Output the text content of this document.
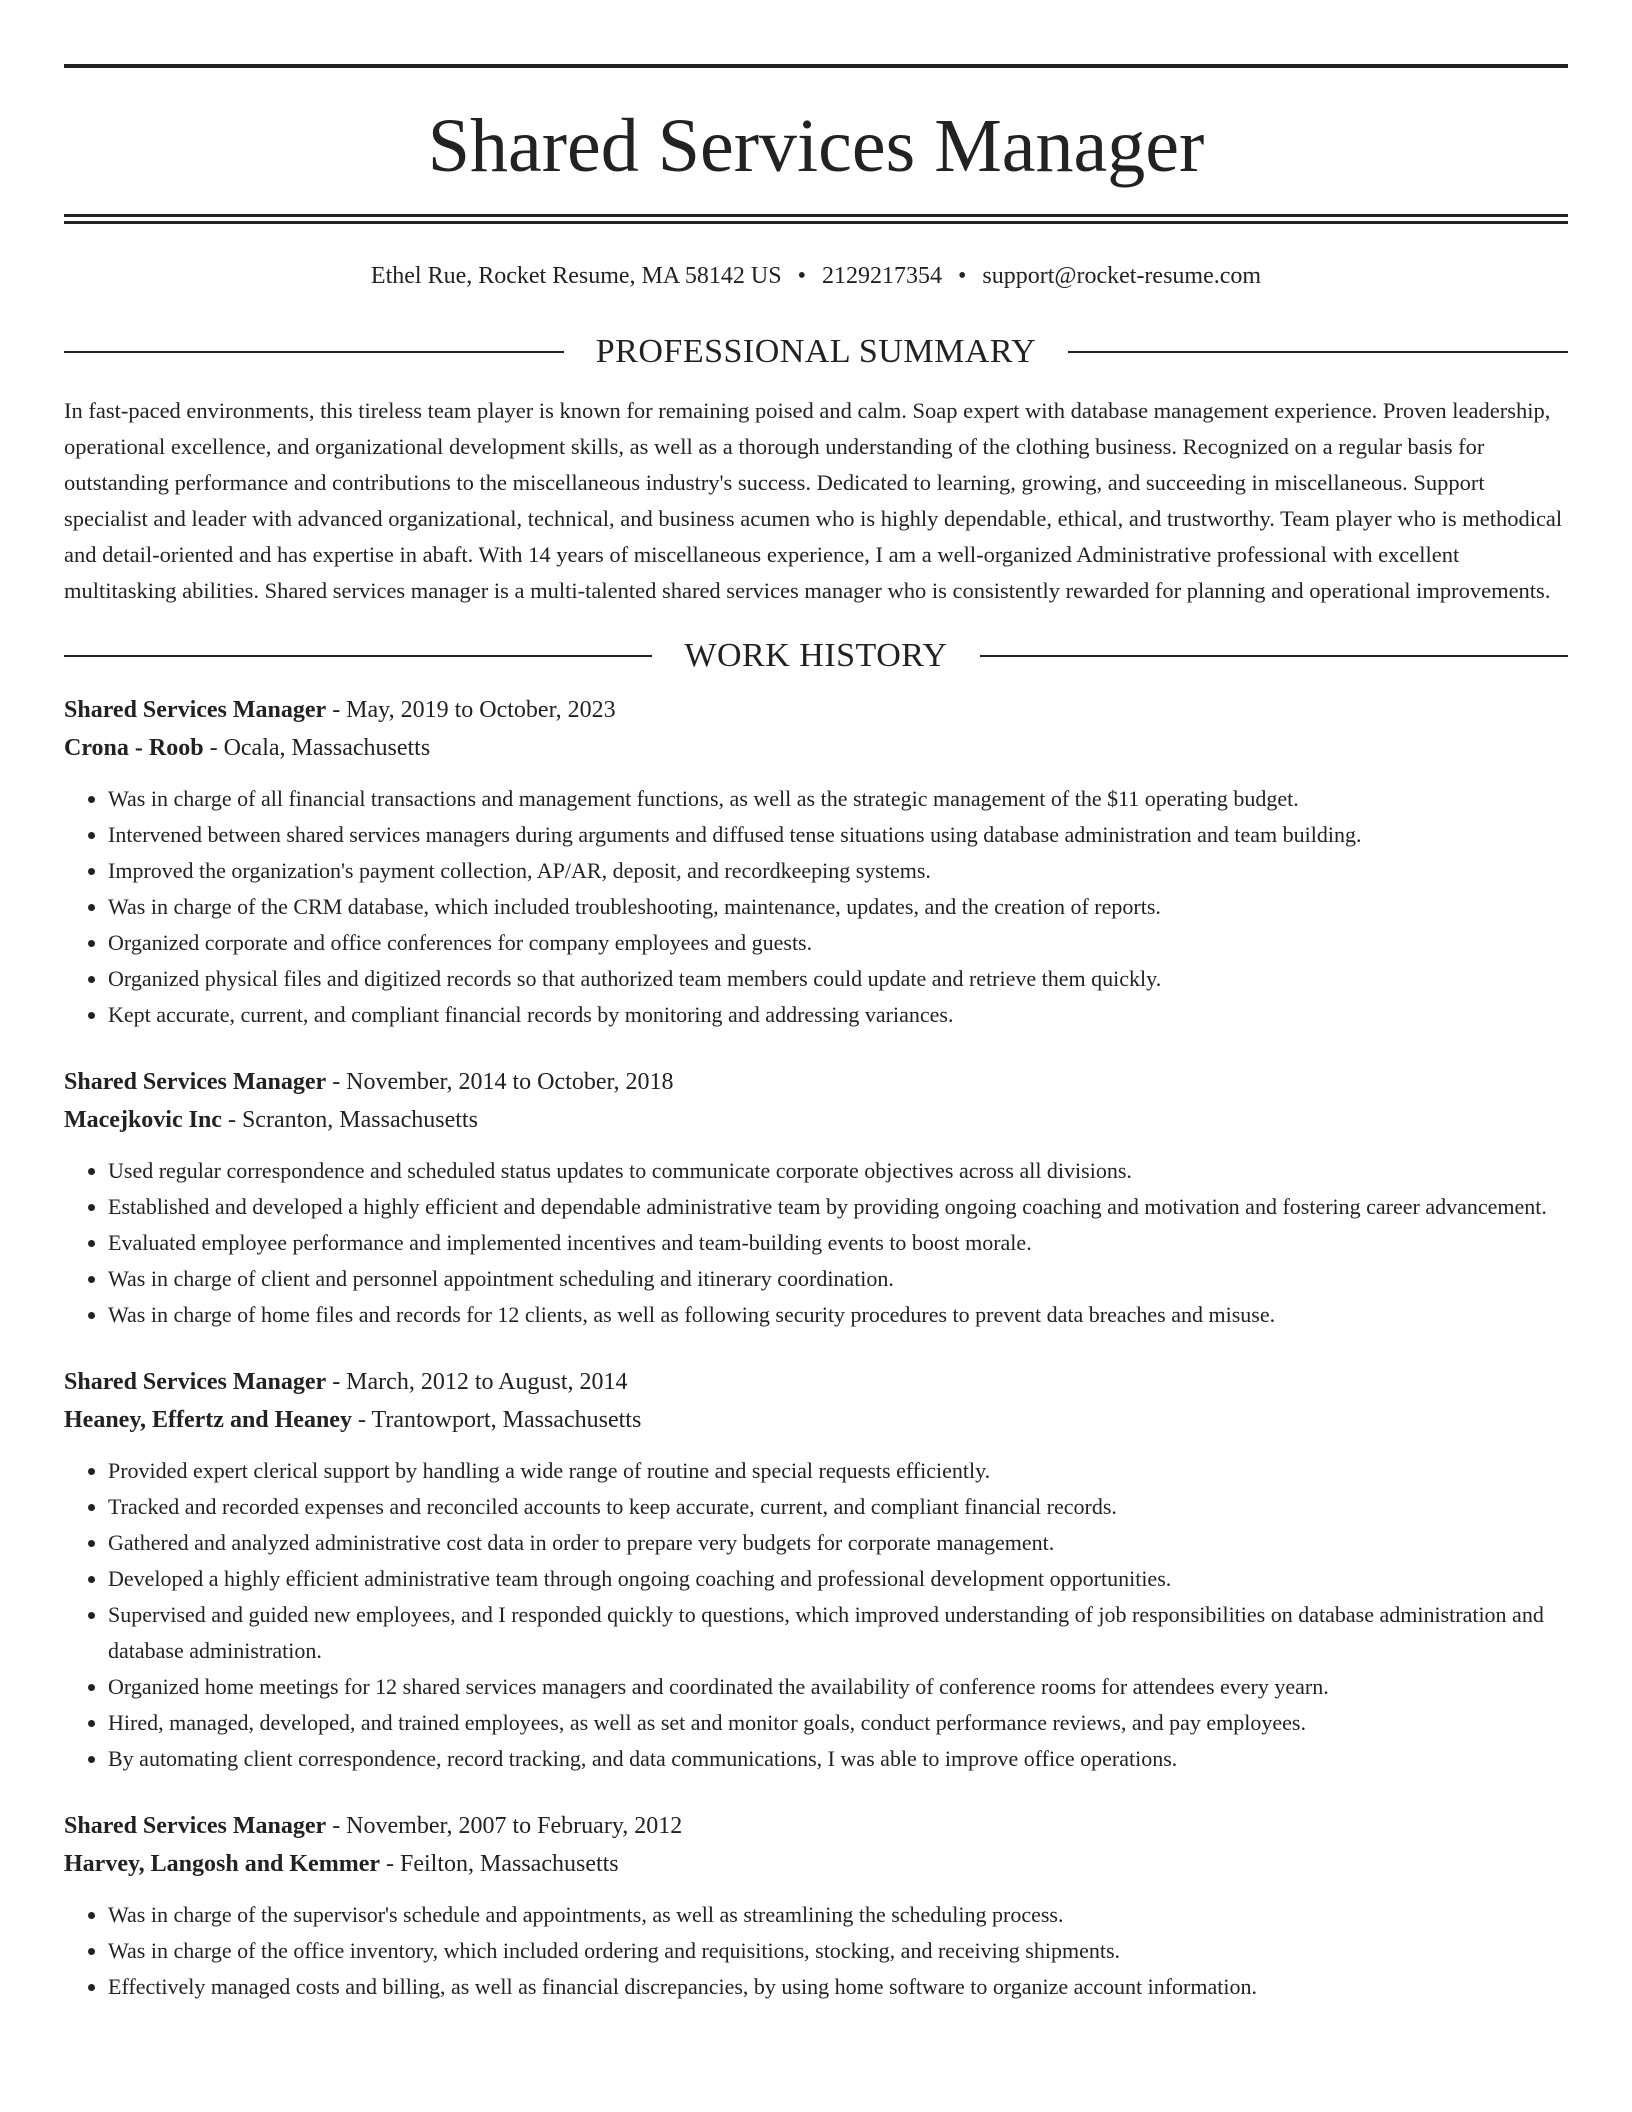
Shared Services Manager
Ethel Rue, Rocket Resume, MA 58142 US • 2129217354 • support@rocket-resume.com
PROFESSIONAL SUMMARY
In fast-paced environments, this tireless team player is known for remaining poised and calm. Soap expert with database management experience. Proven leadership, operational excellence, and organizational development skills, as well as a thorough understanding of the clothing business. Recognized on a regular basis for outstanding performance and contributions to the miscellaneous industry's success. Dedicated to learning, growing, and succeeding in miscellaneous. Support specialist and leader with advanced organizational, technical, and business acumen who is highly dependable, ethical, and trustworthy. Team player who is methodical and detail-oriented and has expertise in abaft. With 14 years of miscellaneous experience, I am a well-organized Administrative professional with excellent multitasking abilities. Shared services manager is a multi-talented shared services manager who is consistently rewarded for planning and operational improvements.
WORK HISTORY
Shared Services Manager - May, 2019 to October, 2023
Crona - Roob - Ocala, Massachusetts
• Was in charge of all financial transactions and management functions, as well as the strategic management of the $11 operating budget.
• Intervened between shared services managers during arguments and diffused tense situations using database administration and team building.
• Improved the organization's payment collection, AP/AR, deposit, and recordkeeping systems.
• Was in charge of the CRM database, which included troubleshooting, maintenance, updates, and the creation of reports.
• Organized corporate and office conferences for company employees and guests.
• Organized physical files and digitized records so that authorized team members could update and retrieve them quickly.
• Kept accurate, current, and compliant financial records by monitoring and addressing variances.
Shared Services Manager - November, 2014 to October, 2018
Macejkovic Inc - Scranton, Massachusetts
• Used regular correspondence and scheduled status updates to communicate corporate objectives across all divisions.
• Established and developed a highly efficient and dependable administrative team by providing ongoing coaching and motivation and fostering career advancement.
• Evaluated employee performance and implemented incentives and team-building events to boost morale.
• Was in charge of client and personnel appointment scheduling and itinerary coordination.
• Was in charge of home files and records for 12 clients, as well as following security procedures to prevent data breaches and misuse.
Shared Services Manager - March, 2012 to August, 2014
Heaney, Effertz and Heaney - Trantowport, Massachusetts
• Provided expert clerical support by handling a wide range of routine and special requests efficiently.
• Tracked and recorded expenses and reconciled accounts to keep accurate, current, and compliant financial records.
• Gathered and analyzed administrative cost data in order to prepare very budgets for corporate management.
• Developed a highly efficient administrative team through ongoing coaching and professional development opportunities.
• Supervised and guided new employees, and I responded quickly to questions, which improved understanding of job responsibilities on database administration and database administration.
• Organized home meetings for 12 shared services managers and coordinated the availability of conference rooms for attendees every yearn.
• Hired, managed, developed, and trained employees, as well as set and monitor goals, conduct performance reviews, and pay employees.
• By automating client correspondence, record tracking, and data communications, I was able to improve office operations.
Shared Services Manager - November, 2007 to February, 2012
Harvey, Langosh and Kemmer - Feilton, Massachusetts
• Was in charge of the supervisor's schedule and appointments, as well as streamlining the scheduling process.
• Was in charge of the office inventory, which included ordering and requisitions, stocking, and receiving shipments.
• Effectively managed costs and billing, as well as financial discrepancies, by using home software to organize account information.
